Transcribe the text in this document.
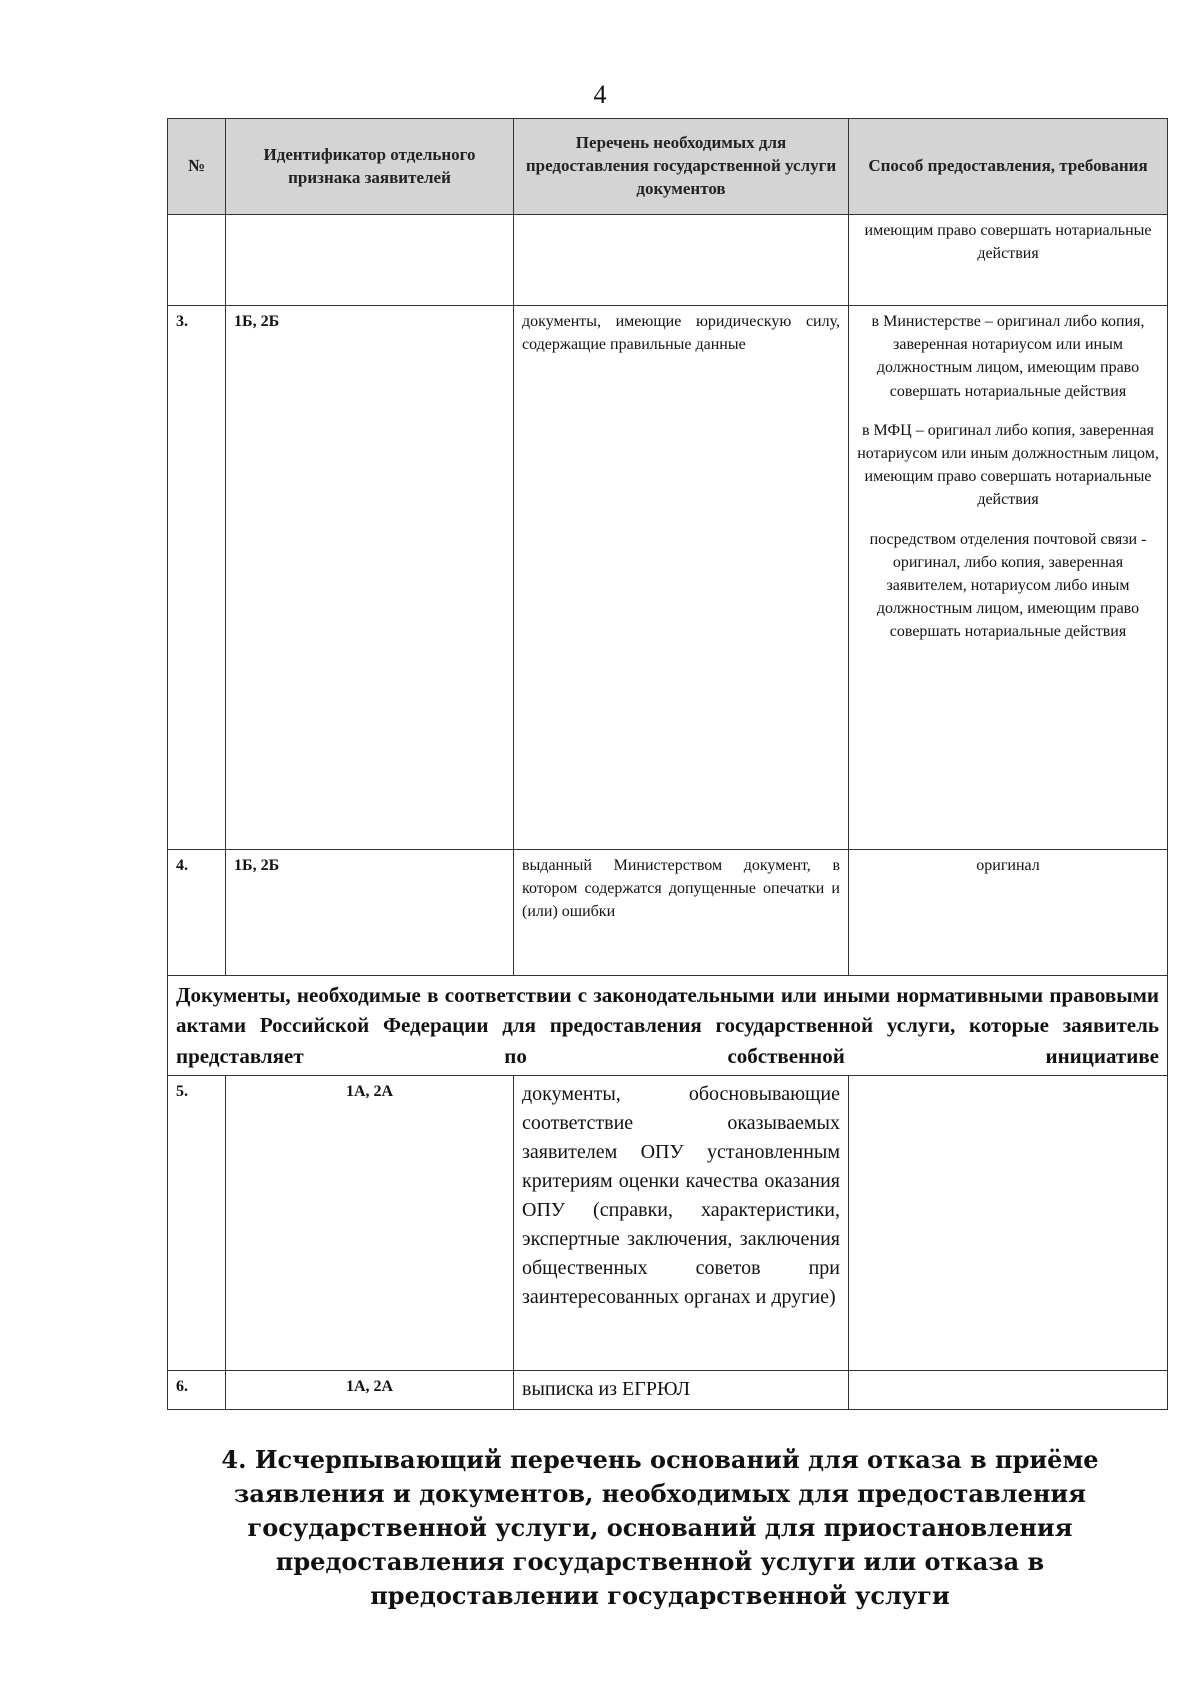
4
№	Идентификатор отдельного признака заявителей	Перечень необходимых для предоставления государственной услуги документов	Способ предоставления, требования
			имеющим право совершать нотариальные действия
3.	1Б, 2Б	документы, имеющие юридическую силу, содержащие правильные данные	в Министерстве – оригинал либо копия, заверенная нотариусом или иным должностным лицом, имеющим право совершать нотариальные действия

в МФЦ – оригинал либо копия, заверенная нотариусом или иным должностным лицом, имеющим право совершать нотариальные действия

посредством отделения почтовой связи - оригинал, либо копия, заверенная заявителем, нотариусом либо иным должностным лицом, имеющим право совершать нотариальные действия

4.	1Б, 2Б	выданный Министерством документ, в котором содержатся допущенные опечатки и (или) ошибки	оригинал
Документы, необходимые в соответствии с законодательными или иными нормативными правовыми актами Российской Федерации для предоставления государственной услуги, которые заявитель представляет по собственной инициативе			
5.	1А, 2А	документы, обосновывающие соответствие оказываемых заявителем ОПУ установленным критериям оценки качества оказания ОПУ (справки, характеристики, экспертные заключения, заключения общественных советов при заинтересованных органах и другие)	
6.	1А, 2А	выписка из ЕГРЮЛ	
4. Исчерпывающий перечень оснований для отказа в приёме заявления и документов, необходимых для предоставления государственной услуги, оснований для приостановления предоставления государственной услуги или отказа в предоставлении государственной услуги
